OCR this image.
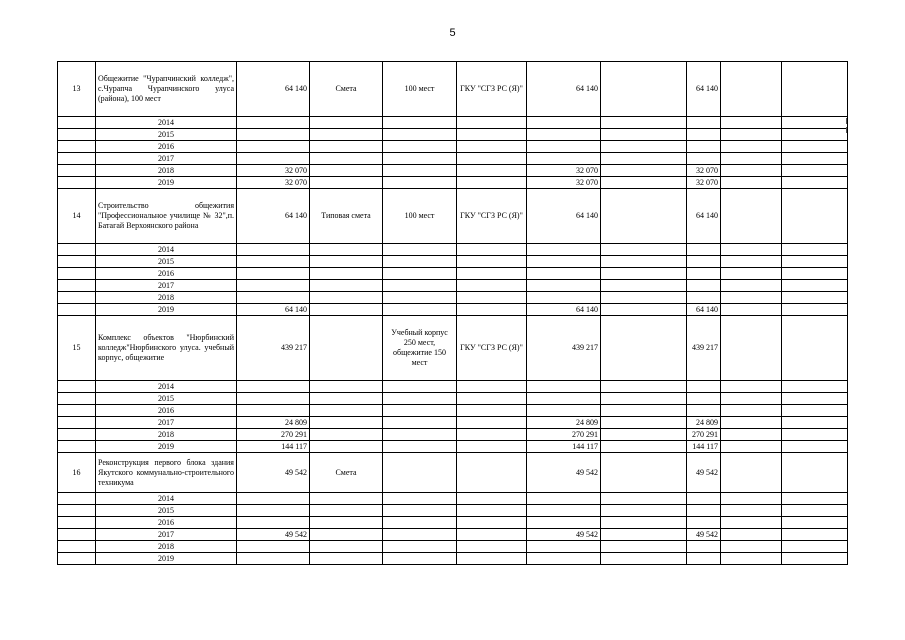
5
13	Общежитие "Чурапчинский колледж", с.Чурапча Чурапчинского улуса (района), 100 мест	64 140	Смета	100 мест	ГКУ "СГЗ РС (Я)"	64 140		64 140		
	2014									
	2015									
	2016									
	2017									
	2018	32 070				32 070		32 070		
	2019	32 070				32 070		32 070		
14	Строительство общежития "Профессиональное училище № 32",п. Батагай Верхоянского района	64 140	Типовая смета	100 мест	ГКУ "СГЗ РС (Я)"	64 140		64 140		
	2014									
	2015									
	2016									
	2017									
	2018									
	2019	64 140				64 140		64 140		
15	Комплекс объектов "Нюрбинский колледж"Нюрбинского улуса. учебный корпус, общежитие	439 217		Учебный корпус 250 мест, общежитие 150 мест	ГКУ "СГЗ РС (Я)"	439 217		439 217		
	2014									
	2015									
	2016									
	2017	24 809				24 809		24 809		
	2018	270 291				270 291		270 291		
	2019	144 117				144 117		144 117		
16	Реконструкция первого блока здания Якутского коммунально-строительного техникума	49 542	Смета			49 542		49 542		
	2014									
	2015									
	2016									
	2017	49 542				49 542		49 542		
	2018									
	2019									
